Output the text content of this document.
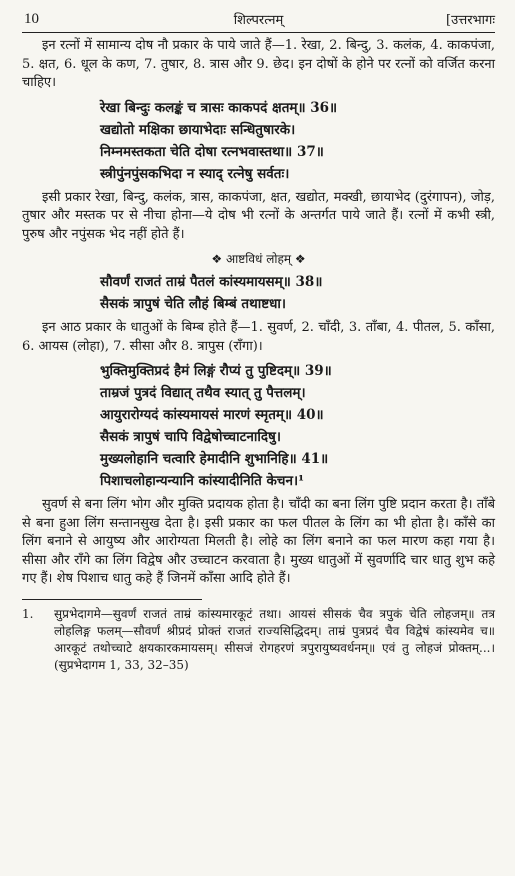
10	शिल्परत्नम्	[उत्तरभागः

इन रत्नों में सामान्य दोष नौ प्रकार के पाये जाते हैं—1. रेखा, 2. बिन्दु, 3. कलंक, 4. काकपंजा, 5. क्षत, 6. धूल के कण, 7. तुषार, 8. त्रास और 9. छेद। इन दोषों के होने पर रत्नों को वर्जित करना चाहिए।

रेखा बिन्दुः कलङ्कं च त्रासः काकपदं क्षतम्॥ 36॥
खद्योतो मक्षिका छायाभेदाः सन्धितुषारके।
निम्नमस्तकता चेति दोषा रत्नभवास्तथा॥ 37॥
स्त्रीपुंनपुंसकभिदा न स्याद् रत्नेषु सर्वतः।

इसी प्रकार रेखा, बिन्दु, कलंक, त्रास, काकपंजा, क्षत, खद्योत, मक्खी, छायाभेद (दुरंगापन), जोड़, तुषार और मस्तक पर से नीचा होना—ये दोष भी रत्नों के अन्तर्गत पाये जाते हैं। रत्नों में कभी स्त्री, पुरुष और नपुंसक भेद नहीं होते हैं।

❖ आष्टविधं लोहम् ❖
सौवर्णं राजतं ताम्रं पैतलं कांस्यमायसम्॥ 38॥
सैसकं त्रापुषं चेति लौहं बिम्बं तथाष्टधा।

इन आठ प्रकार के धातुओं के बिम्ब होते हैं—1. सुवर्ण, 2. चाँदी, 3. ताँबा, 4. पीतल, 5. काँसा, 6. आयस (लोहा), 7. सीसा और 8. त्रापुस (राँगा)।

भुक्तिमुक्तिप्रदं हैमं लिङ्गं रौप्यं तु पुष्टिदम्॥ 39॥
ताम्रजं पुत्रदं विद्यात् तथैव स्यात् तु पैत्तलम्।
आयुरारोग्यदं कांस्यमायसं मारणं स्मृतम्॥ 40॥
सैसकं त्रापुषं चापि विद्वेषोच्चाटनादिषु।
मुख्यलोहानि चत्वारि हेमादीनि शुभानिहि॥ 41॥
पिशाचलोहान्यन्यानि कांस्यादीनिति केचन।¹

सुवर्ण से बना लिंग भोग और मुक्ति प्रदायक होता है। चाँदी का बना लिंग पुष्टि प्रदान करता है। ताँबे से बना हुआ लिंग सन्तानसुख देता है। इसी प्रकार का फल पीतल के लिंग का भी होता है। काँसे का लिंग बनाने से आयुष्य और आरोग्यता मिलती है। लोहे का लिंग बनाने का फल मारण कहा गया है। सीसा और राँगे का लिंग विद्वेष और उच्चाटन करवाता है। मुख्य धातुओं में सुवर्णादि चार धातु शुभ कहे गए हैं। शेष पिशाच धातु कहे हैं जिनमें काँसा आदि होते हैं।

1.	सुप्रभेदागमे—सुवर्णं राजतं ताम्रं कांस्यमारकूटं तथा। आयसं सीसकं चैव त्रपुकं चेति लोहजम्॥ तत्र लोहलिङ्ग फलम्—सौवर्णं श्रीप्रदं प्रोक्तं राजतं राज्यसिद्धिदम्। ताम्रं पुत्रप्रदं चैव विद्वेषं कांस्यमेव च॥ आरकूटं तथोच्चाटे क्षयकारकमायसम्। सीसजं रोगहरणं त्रपुरायुष्यवर्धनम्॥ एवं तु लोहजं प्रोक्तम्...। (सुप्रभेदागम 1, 33, 32–35)
